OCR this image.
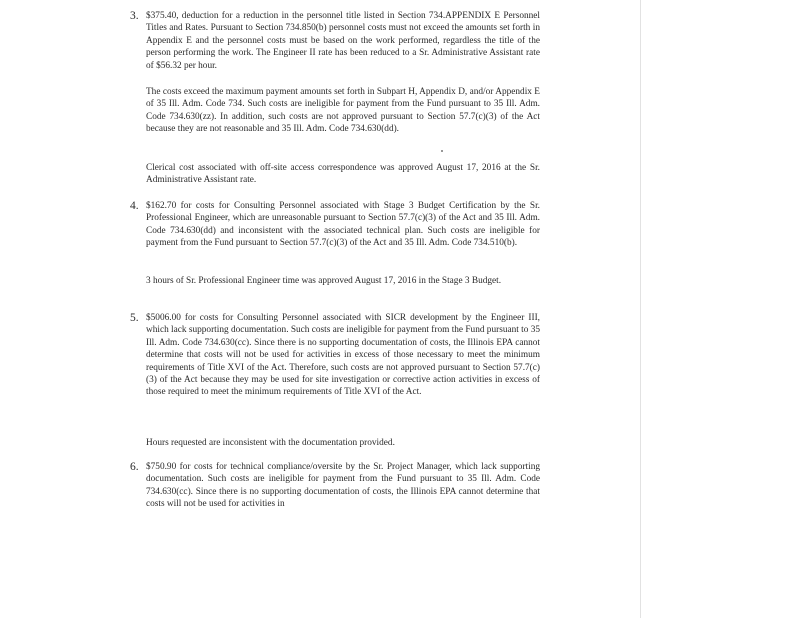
3. $375.40, deduction for a reduction in the personnel title listed in Section 734.APPENDIX E Personnel Titles and Rates. Pursuant to Section 734.850(b) personnel costs must not exceed the amounts set forth in Appendix E and the personnel costs must be based on the work performed, regardless the title of the person performing the work. The Engineer II rate has been reduced to a Sr. Administrative Assistant rate of $56.32 per hour.
The costs exceed the maximum payment amounts set forth in Subpart H, Appendix D, and/or Appendix E of 35 Ill. Adm. Code 734. Such costs are ineligible for payment from the Fund pursuant to 35 Ill. Adm. Code 734.630(zz). In addition, such costs are not approved pursuant to Section 57.7(c)(3) of the Act because they are not reasonable and 35 Ill. Adm. Code 734.630(dd).
Clerical cost associated with off-site access correspondence was approved August 17, 2016 at the Sr. Administrative Assistant rate.
4. $162.70 for costs for Consulting Personnel associated with Stage 3 Budget Certification by the Sr. Professional Engineer, which are unreasonable pursuant to Section 57.7(c)(3) of the Act and 35 Ill. Adm. Code 734.630(dd) and inconsistent with the associated technical plan. Such costs are ineligible for payment from the Fund pursuant to Section 57.7(c)(3) of the Act and 35 Ill. Adm. Code 734.510(b).
3 hours of Sr. Professional Engineer time was approved August 17, 2016 in the Stage 3 Budget.
5. $5006.00 for costs for Consulting Personnel associated with SICR development by the Engineer III, which lack supporting documentation. Such costs are ineligible for payment from the Fund pursuant to 35 Ill. Adm. Code 734.630(cc). Since there is no supporting documentation of costs, the Illinois EPA cannot determine that costs will not be used for activities in excess of those necessary to meet the minimum requirements of Title XVI of the Act. Therefore, such costs are not approved pursuant to Section 57.7(c)(3) of the Act because they may be used for site investigation or corrective action activities in excess of those required to meet the minimum requirements of Title XVI of the Act.
Hours requested are inconsistent with the documentation provided.
6. $750.90 for costs for technical compliance/oversite by the Sr. Project Manager, which lack supporting documentation. Such costs are ineligible for payment from the Fund pursuant to 35 Ill. Adm. Code 734.630(cc). Since there is no supporting documentation of costs, the Illinois EPA cannot determine that costs will not be used for activities in
